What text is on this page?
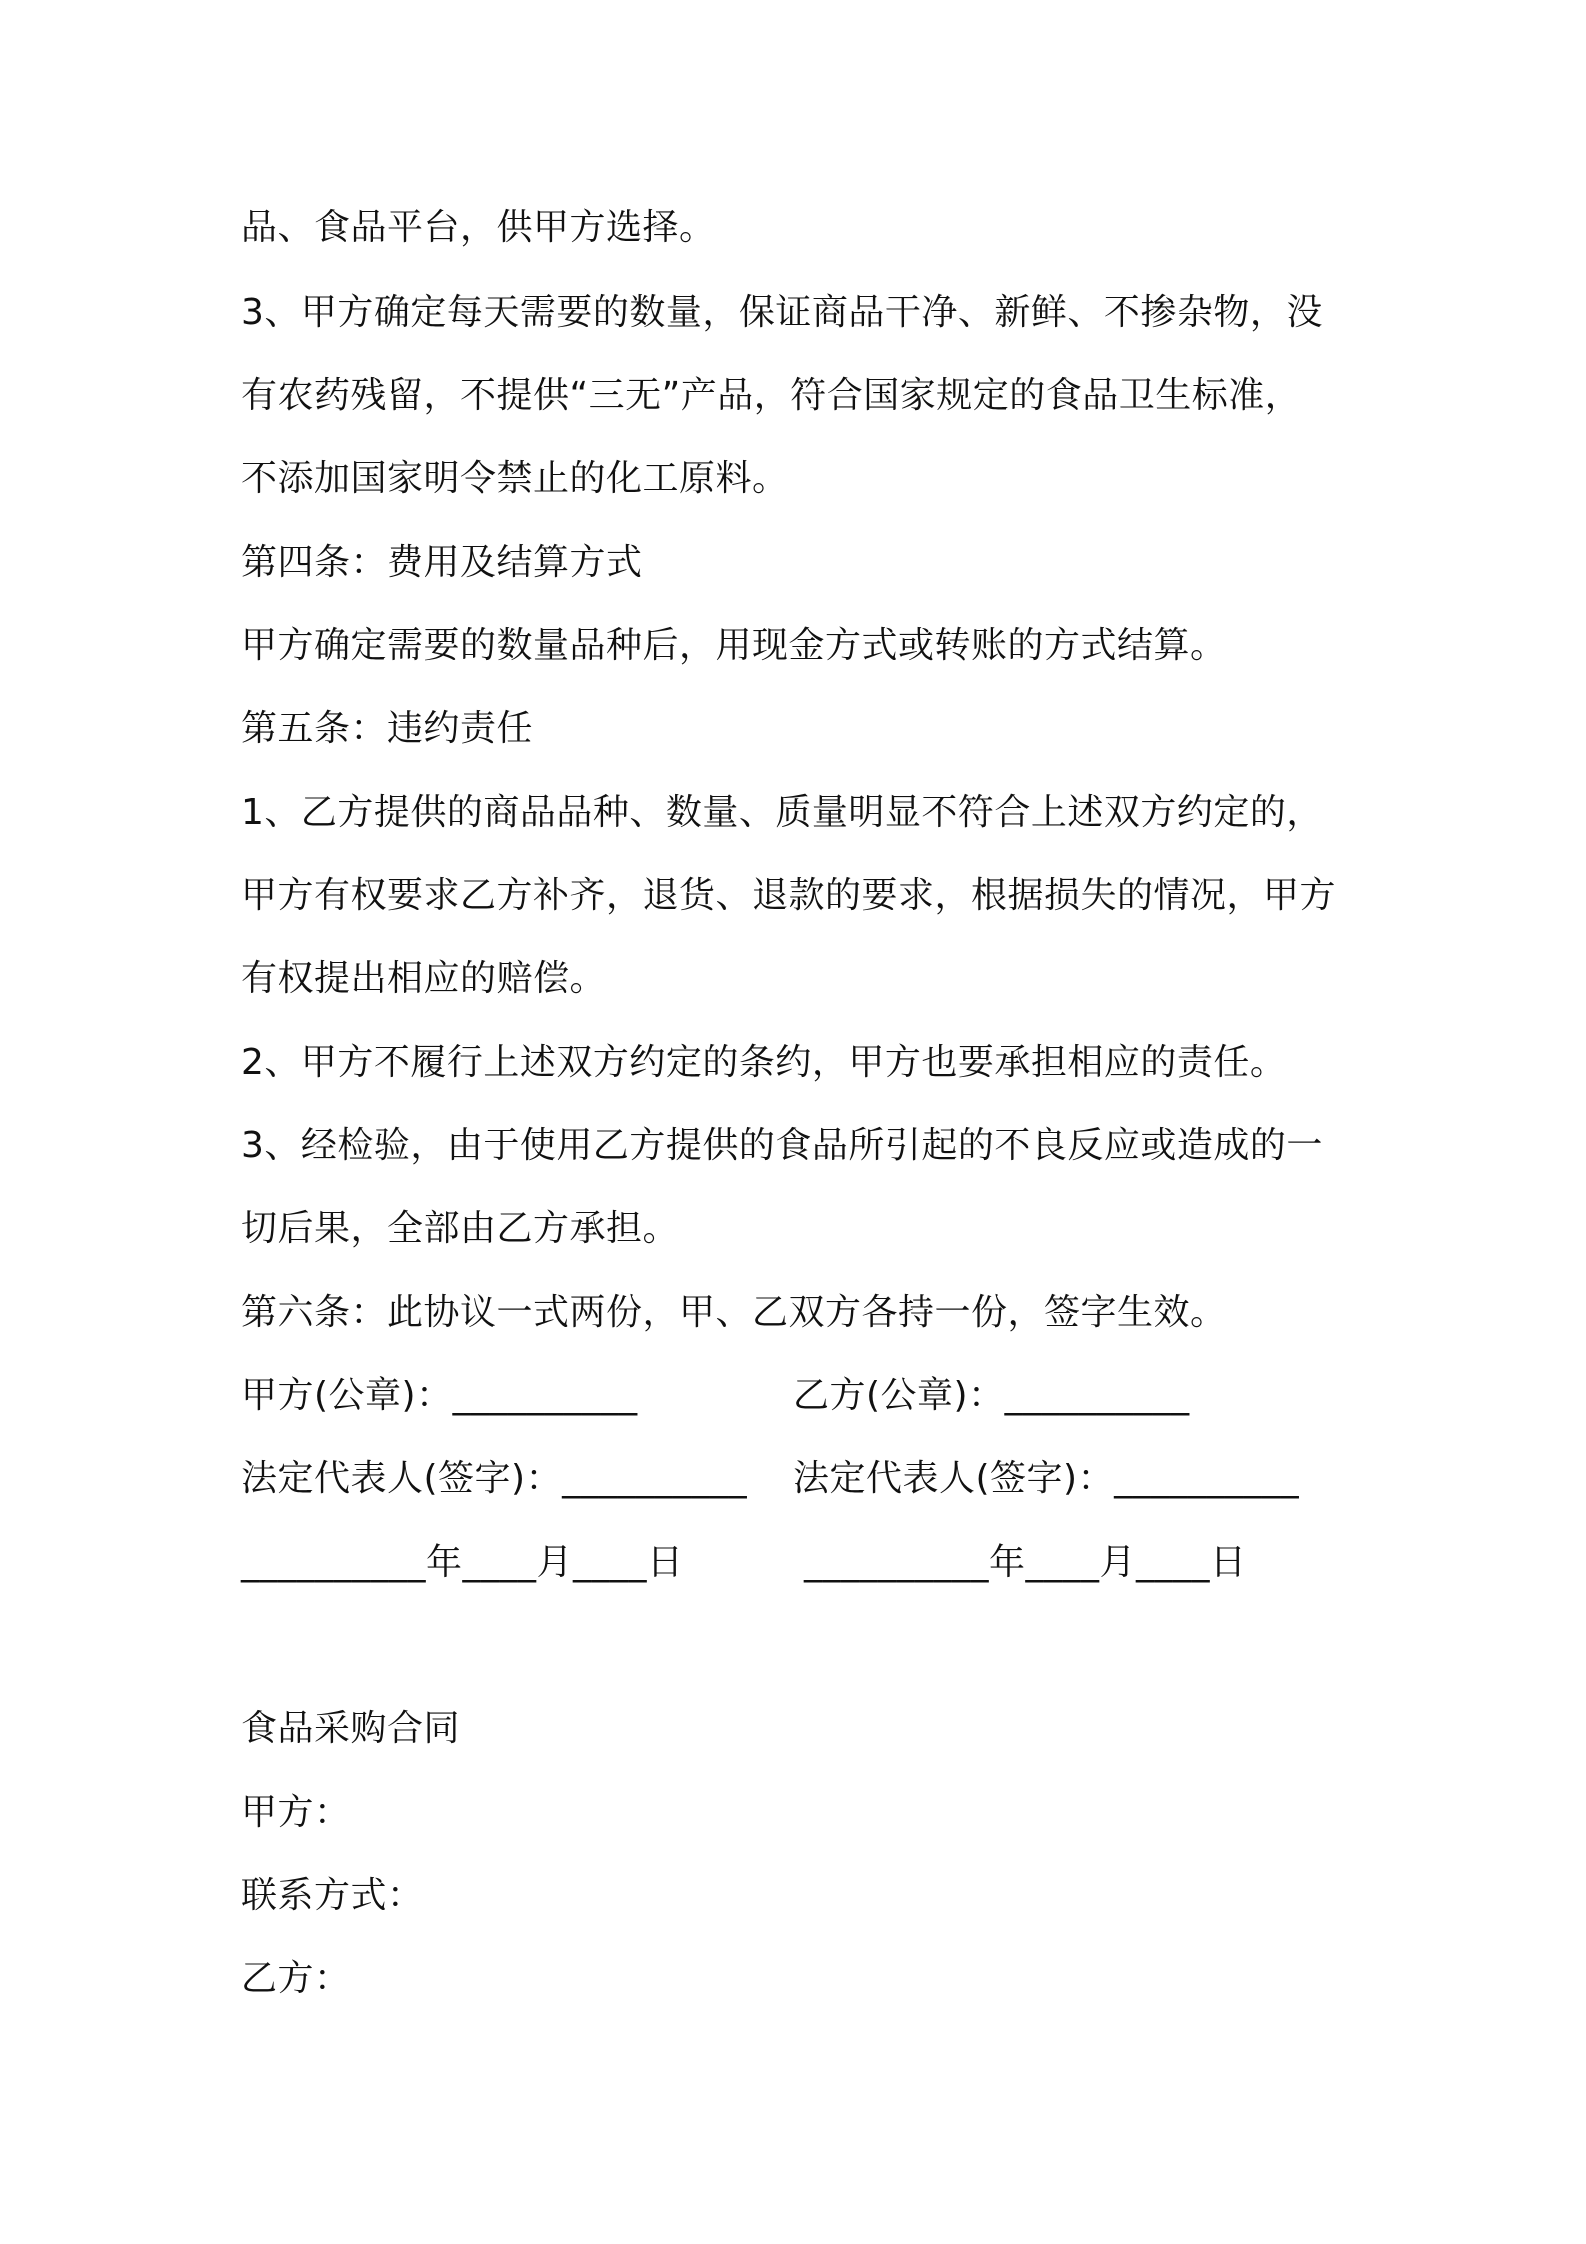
品、食品平台，供甲方选择。
3、甲方确定每天需要的数量，保证商品干净、新鲜、不掺杂物，没
有农药残留，不提供“三无”产品，符合国家规定的食品卫生标准，
不添加国家明令禁止的化工原料。
第四条：费用及结算方式
甲方确定需要的数量品种后，用现金方式或转账的方式结算。
第五条：违约责任
1、乙方提供的商品品种、数量、质量明显不符合上述双方约定的，
甲方有权要求乙方补齐，退货、退款的要求，根据损失的情况，甲方
有权提出相应的赔偿。
2、甲方不履行上述双方约定的条约，甲方也要承担相应的责任。
3、经检验，由于使用乙方提供的食品所引起的不良反应或造成的一
切后果，全部由乙方承担。
第六条：此协议一式两份，甲、乙双方各持一份，签字生效。
甲方(公章)：__________	乙方(公章)：__________
法定代表人(签字)：__________ 法定代表人(签字)：__________
__________年____月____日	__________年____月____日
食品采购合同
甲方：
联系方式：
乙方：
